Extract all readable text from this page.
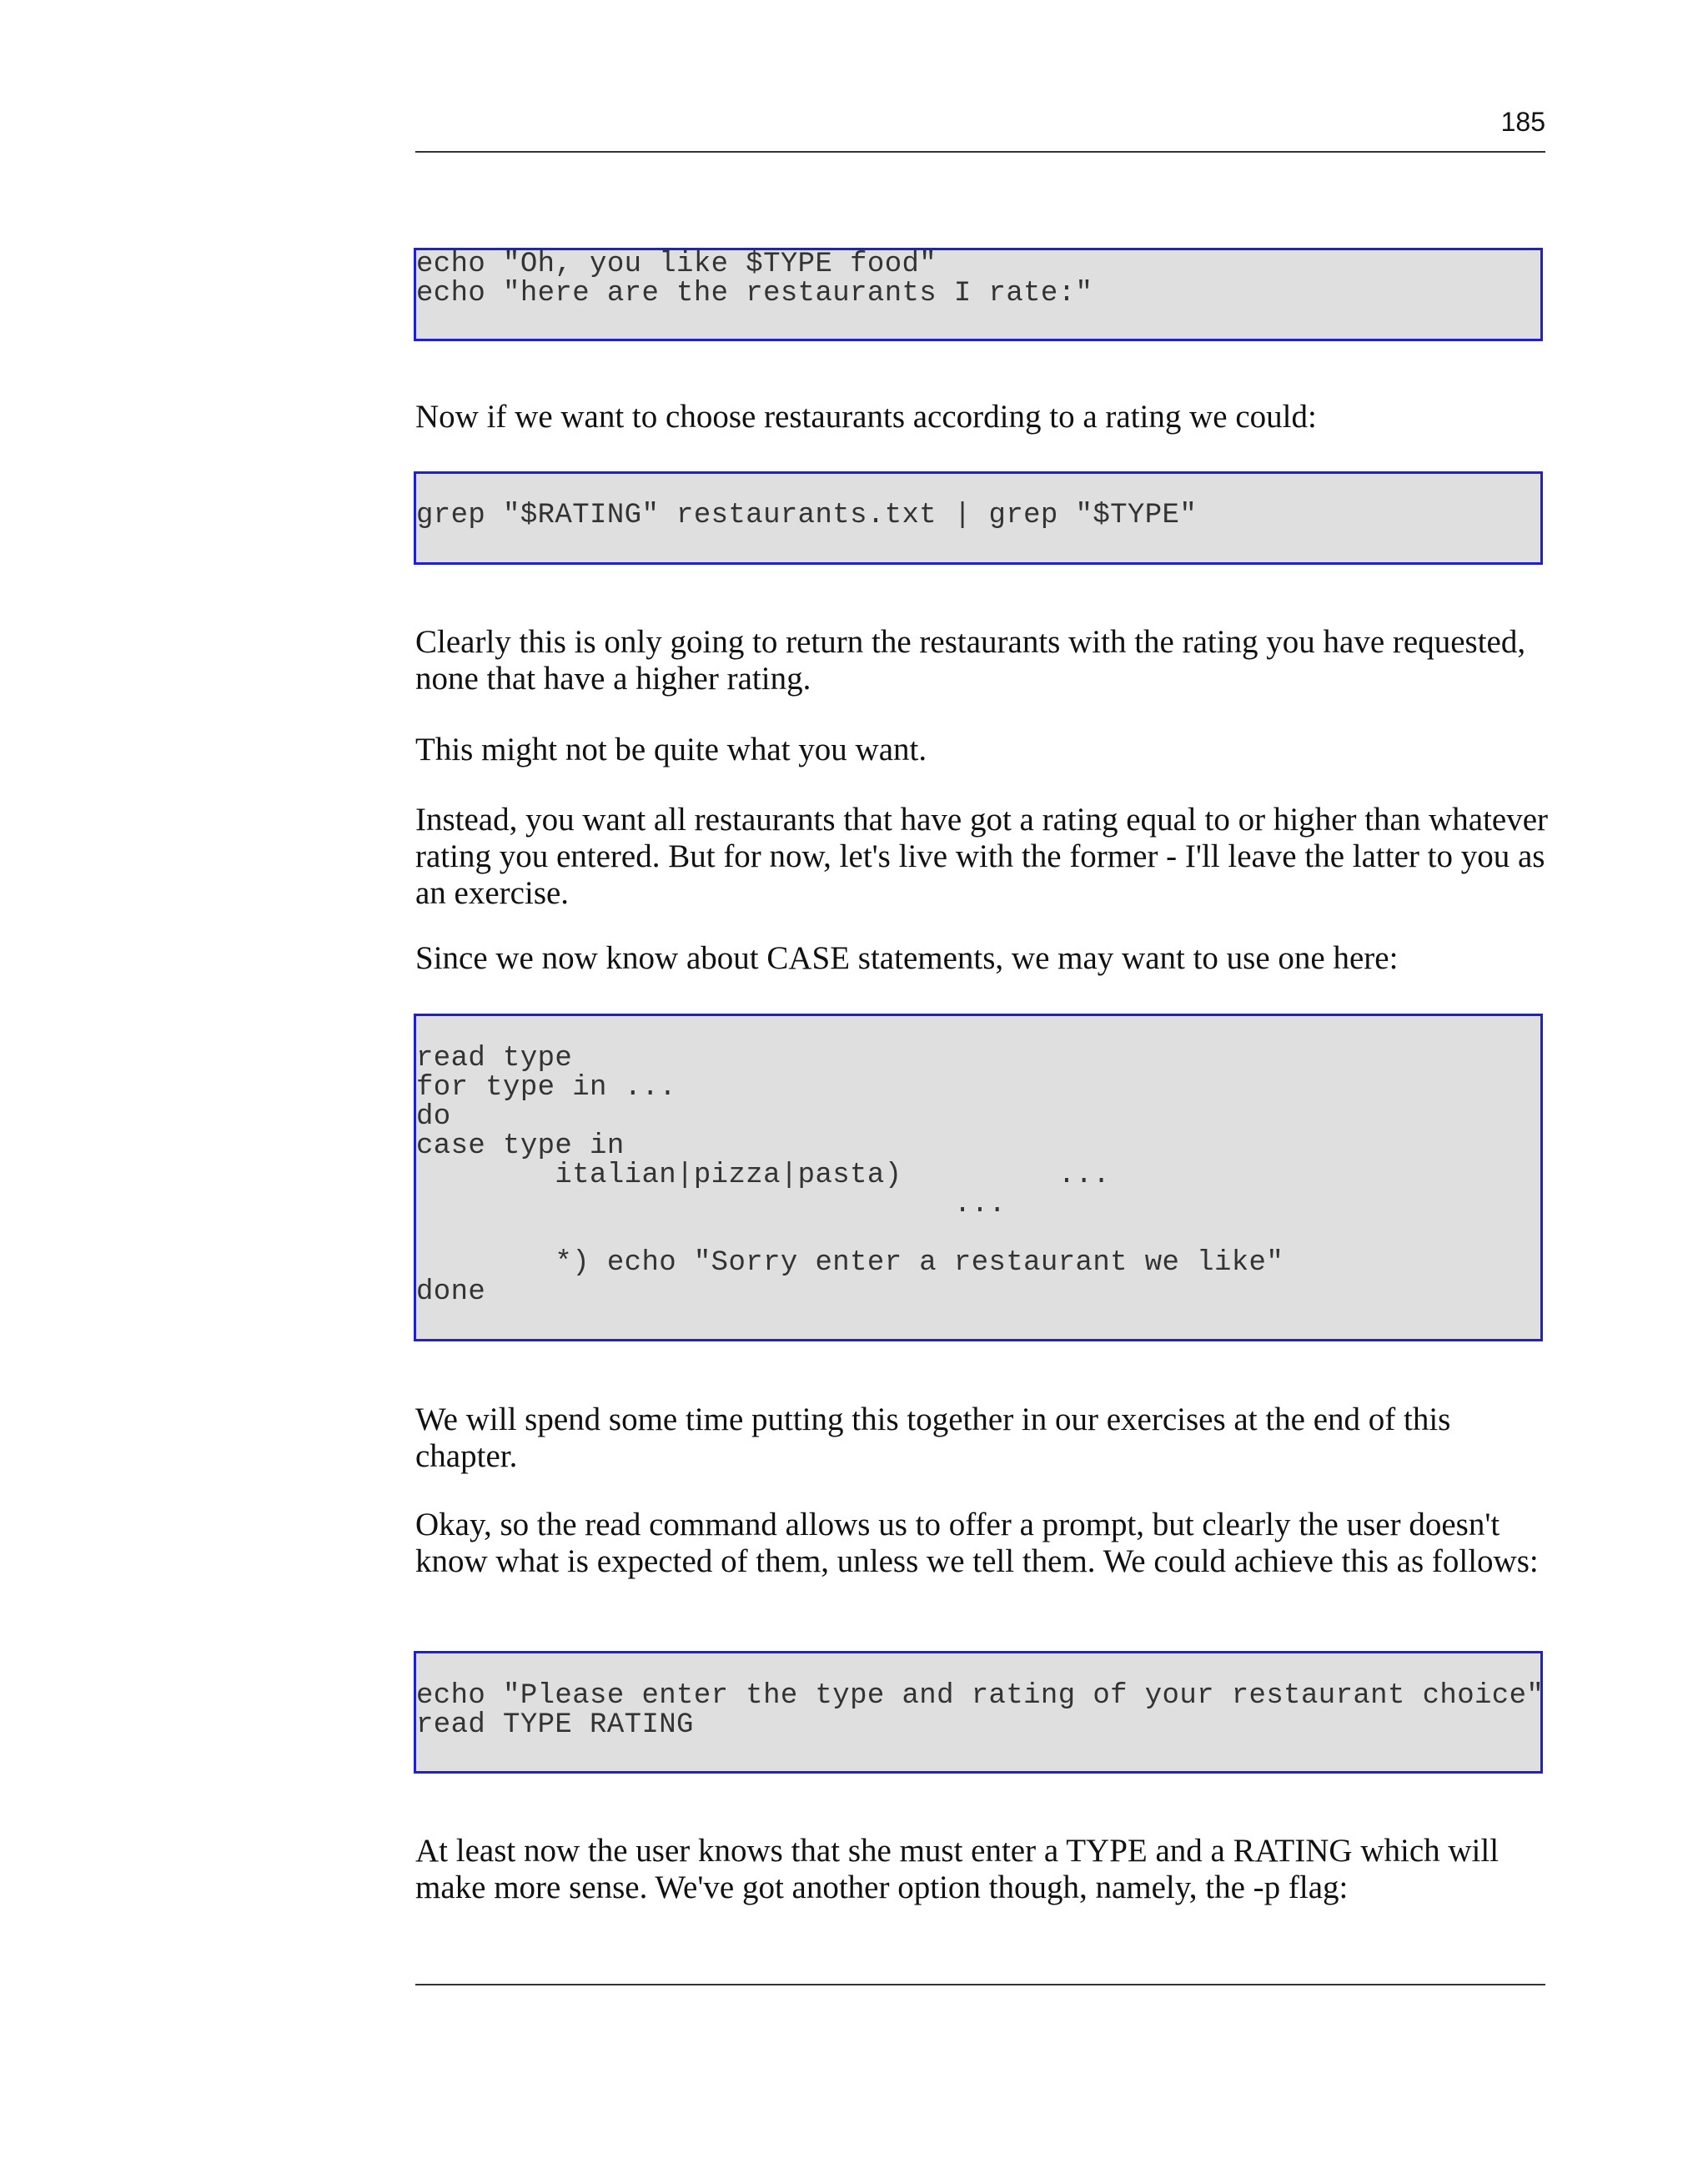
185
echo "Oh, you like $TYPE food"
echo "here are the restaurants I rate:"

Now if we want to choose restaurants according to a rating we could:

grep "$RATING" restaurants.txt | grep "$TYPE"

Clearly this is only going to return the restaurants with the rating you have requested, none that have a higher rating.

This might not be quite what you want.

Instead, you want all restaurants that have got a rating equal to or higher than whatever rating you entered. But for now, let's live with the former - I'll leave the latter to you as an exercise.

Since we now know about CASE statements, we may want to use one here:

read type
for type in ...
do
case type in
italian|pizza|pasta)         ...
...

*) echo "Sorry enter a restaurant we like"
done

We will spend some time putting this together in our exercises at the end of this chapter.

Okay, so the read command allows us to offer a prompt, but clearly the user doesn't know what is expected of them, unless we tell them. We could achieve this as follows:

echo "Please enter the type and rating of your restaurant choice"
read TYPE RATING

At least now the user knows that she must enter a TYPE and a RATING which will make more sense. We've got another option though, namely, the -p flag:
